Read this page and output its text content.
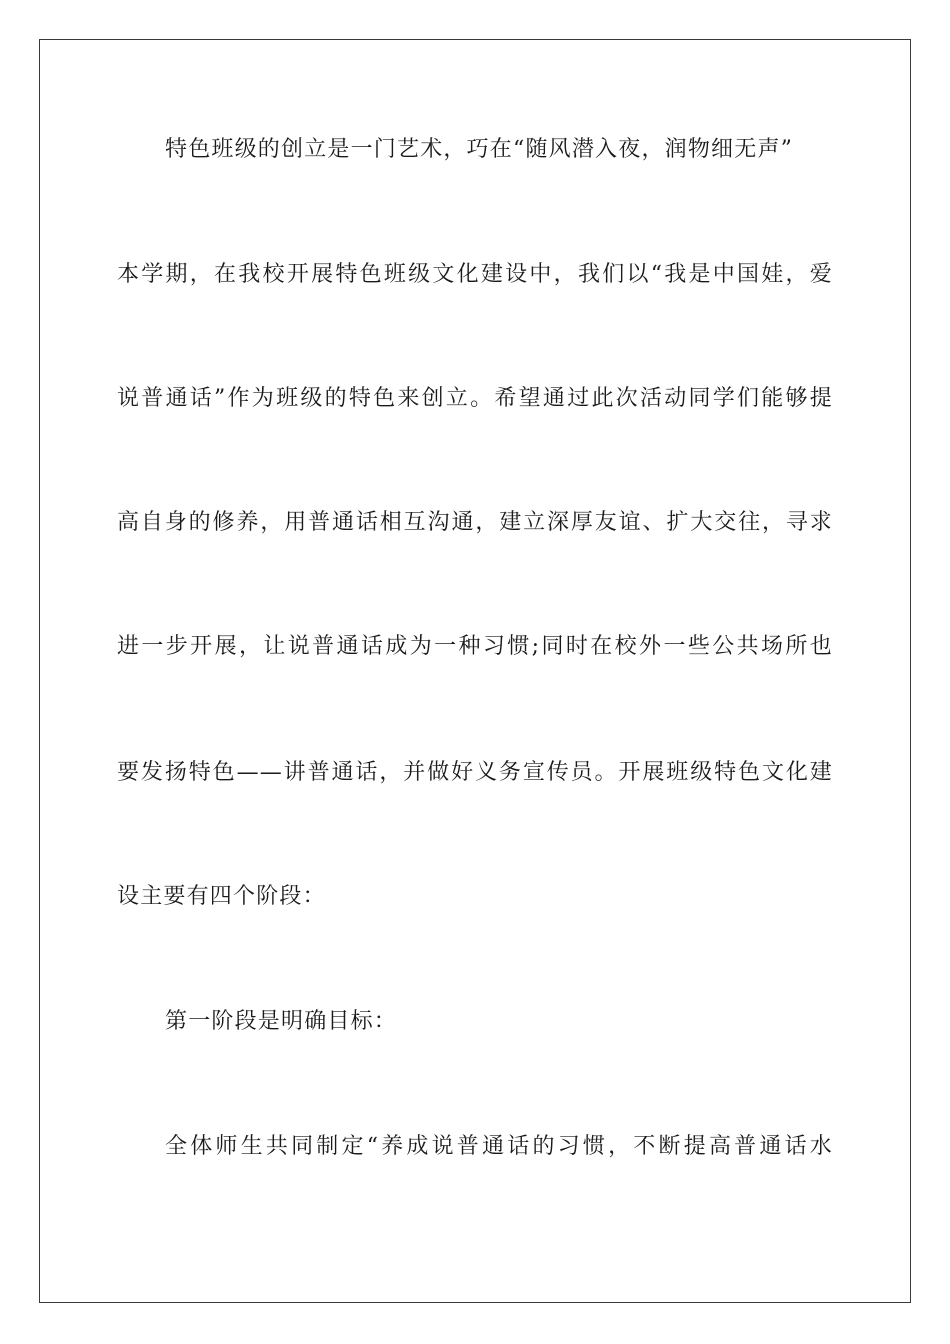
特色班级的创立是一门艺术，巧在“随风潜入夜，润物细无声”
本学期，在我校开展特色班级文化建设中，我们以“我是中国娃，爱
说普通话”作为班级的特色来创立。希望通过此次活动同学们能够提
高自身的修养，用普通话相互沟通，建立深厚友谊、扩大交往，寻求
进一步开展，让说普通话成为一种习惯;同时在校外一些公共场所也
要发扬特色——讲普通话，并做好义务宣传员。开展班级特色文化建
设主要有四个阶段：
第一阶段是明确目标：
全体师生共同制定“养成说普通话的习惯，不断提高普通话水
